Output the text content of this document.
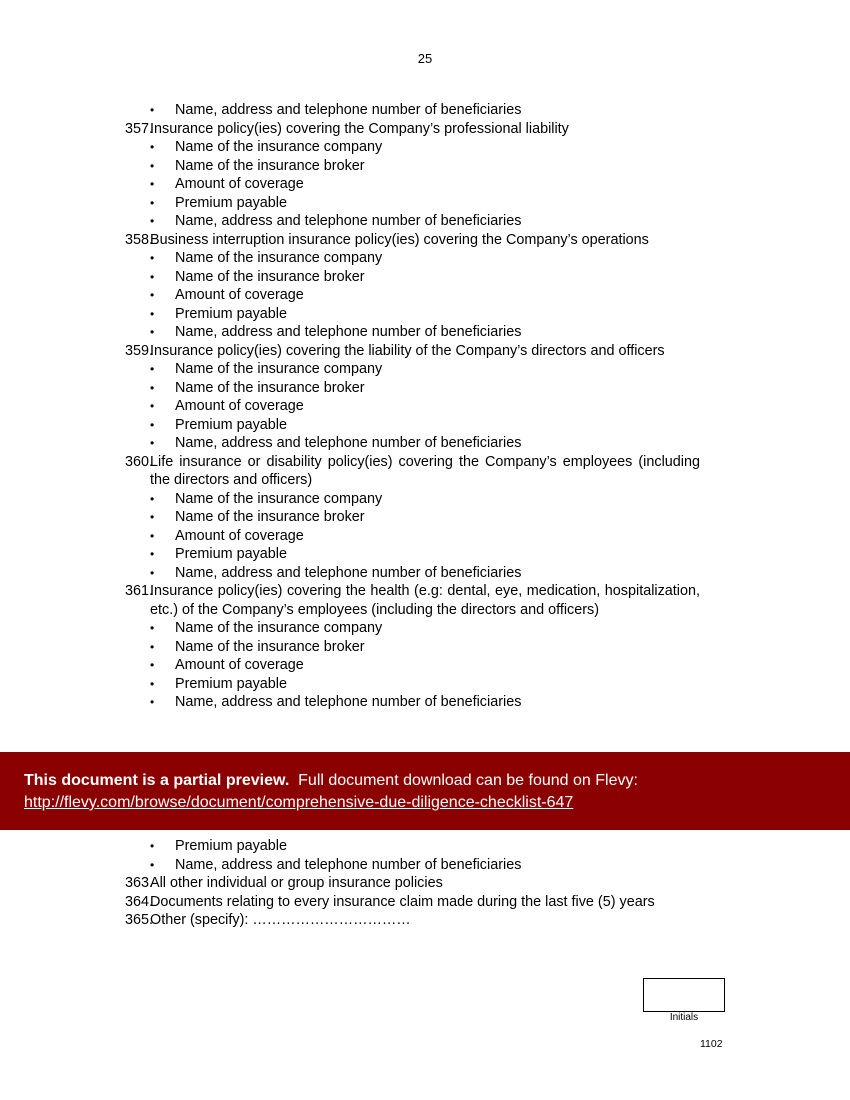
25
• Name, address and telephone number of beneficiaries
357.
Insurance policy(ies) covering the Company’s professional liability
• Name of the insurance company
• Name of the insurance broker
• Amount of coverage
• Premium payable
• Name, address and telephone number of beneficiaries
358.
Business interruption insurance policy(ies) covering the Company’s operations
• Name of the insurance company
• Name of the insurance broker
• Amount of coverage
• Premium payable
• Name, address and telephone number of beneficiaries
359.
Insurance policy(ies) covering the liability of the Company’s directors and officers
• Name of the insurance company
• Name of the insurance broker
• Amount of coverage
• Premium payable
• Name, address and telephone number of beneficiaries
360.
Life insurance or disability policy(ies) covering the Company’s employees (including the directors and officers)
• Name of the insurance company
• Name of the insurance broker
• Amount of coverage
• Premium payable
• Name, address and telephone number of beneficiaries
361.
Insurance policy(ies) covering the health (e.g: dental, eye, medication, hospitalization, etc.) of the Company’s employees (including the directors and officers)
• Name of the insurance company
• Name of the insurance broker
• Amount of coverage
• Premium payable
• Name, address and telephone number of beneficiaries
• Premium payable
• Name, address and telephone number of beneficiaries
363.
All other individual or group insurance policies
364.
Documents relating to every insurance claim made during the last five (5) years
365.
Other (specify): ……………………………
This document is a partial preview. Full document download can be found on Flevy:
http://flevy.com/browse/document/comprehensive-due-diligence-checklist-647
Initials
1102
